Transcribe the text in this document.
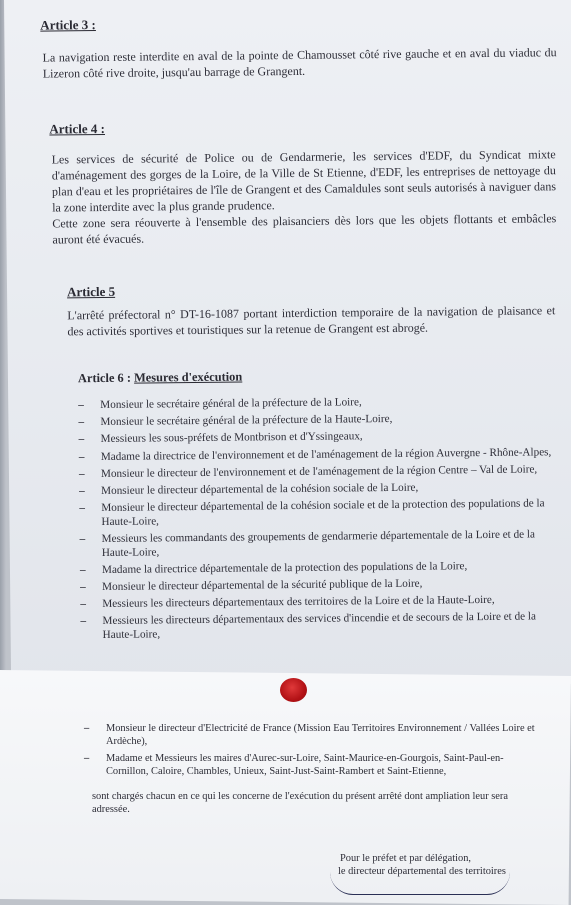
Article 3 :
La navigation reste interdite en aval de la pointe de Chamousset côté rive gauche et en aval du viaduc du Lizeron côté rive droite, jusqu'au barrage de Grangent.
Article 4 :
Les services de sécurité de Police ou de Gendarmerie, les services d'EDF, du Syndicat mixte d'aménagement des gorges de la Loire, de la Ville de St Etienne, d'EDF, les entreprises de nettoyage du plan d'eau et les propriétaires de l'île de Grangent et des Camaldules sont seuls autorisés à naviguer dans la zone interdite avec la plus grande prudence.
Cette zone sera réouverte à l'ensemble des plaisanciers dès lors que les objets flottants et embâcles auront été évacués.
Article 5
L'arrêté préfectoral n° DT-16-1087 portant interdiction temporaire de la navigation de plaisance et des activités sportives et touristiques sur la retenue de Grangent est abrogé.
Article 6 : Mesures d'exécution
– Monsieur le secrétaire général de la préfecture de la Loire,
– Monsieur le secrétaire général de la préfecture de la Haute-Loire,
– Messieurs les sous-préfets de Montbrison et d'Yssingeaux,
– Madame la directrice de l'environnement et de l'aménagement de la région Auvergne - Rhône-Alpes,
– Monsieur le directeur de l'environnement et de l'aménagement de la région Centre – Val de Loire,
– Monsieur le directeur départemental de la cohésion sociale de la Loire,
– Monsieur le directeur départemental de la cohésion sociale et de la protection des populations de la Haute-Loire,
– Messieurs les commandants des groupements de gendarmerie départementale de la Loire et de la Haute-Loire,
– Madame la directrice départementale de la protection des populations de la Loire,
– Monsieur le directeur départemental de la sécurité publique de la Loire,
– Messieurs les directeurs départementaux des territoires de la Loire et de la Haute-Loire,
– Messieurs les directeurs départementaux des services d'incendie et de secours de la Loire et de la Haute-Loire,
– Monsieur le directeur d'Electricité de France (Mission Eau Territoires Environnement / Vallées Loire et Ardèche),
– Madame et Messieurs les maires d'Aurec-sur-Loire, Saint-Maurice-en-Gourgois, Saint-Paul-en-Cornillon, Caloire, Chambles, Unieux, Saint-Just-Saint-Rambert et Saint-Etienne,
sont chargés chacun en ce qui les concerne de l'exécution du présent arrêté dont ampliation leur sera adressée.
Pour le préfet et par délégation,
le directeur départemental des territoires
